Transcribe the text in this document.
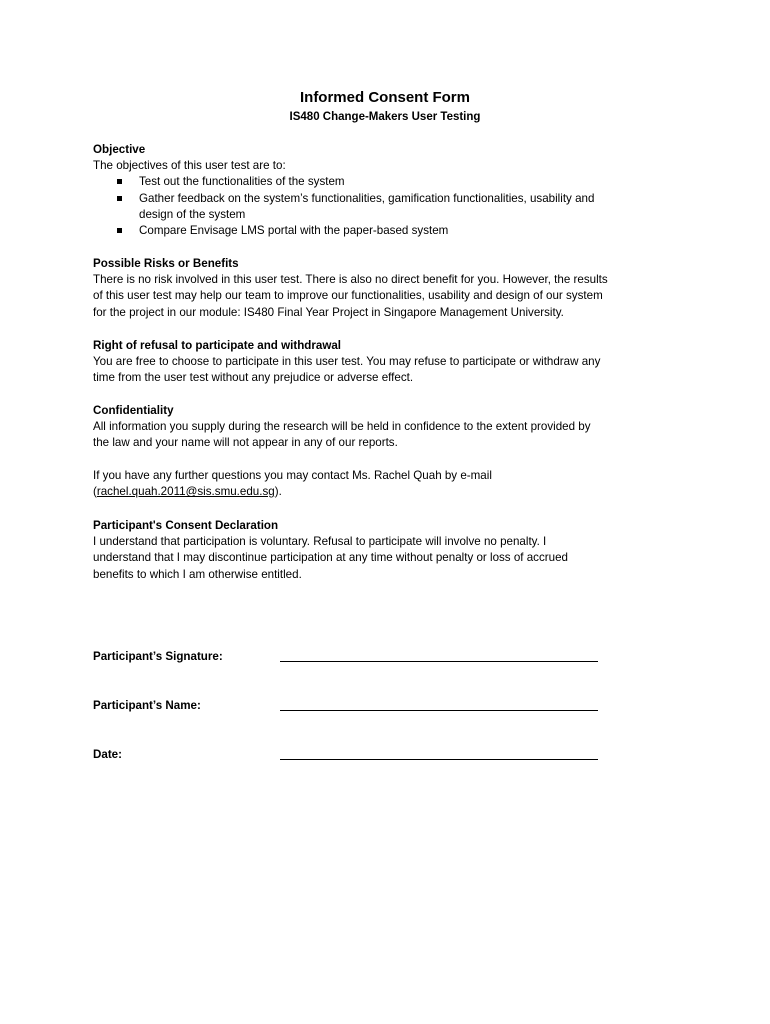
Informed Consent Form
IS480 Change-Makers User Testing
Objective
The objectives of this user test are to:
Test out the functionalities of the system
Gather feedback on the system’s functionalities, gamification functionalities, usability and
design of the system
Compare Envisage LMS portal with the paper-based system
Possible Risks or Benefits
There is no risk involved in this user test. There is also no direct benefit for you. However, the results
of this user test may help our team to improve our functionalities, usability and design of our system
for the project in our module: IS480 Final Year Project in Singapore Management University.
Right of refusal to participate and withdrawal
You are free to choose to participate in this user test. You may refuse to participate or withdraw any
time from the user test without any prejudice or adverse effect.
Confidentiality
All information you supply during the research will be held in confidence to the extent provided by
the law and your name will not appear in any of our reports.
If you have any further questions you may contact Ms. Rachel Quah by e-mail
(rachel.quah.2011@sis.smu.edu.sg).
Participant's Consent Declaration
I understand that participation is voluntary. Refusal to participate will involve no penalty. I
understand that I may discontinue participation at any time without penalty or loss of accrued
benefits to which I am otherwise entitled.
Participant’s Signature:
Participant’s Name:
Date:
